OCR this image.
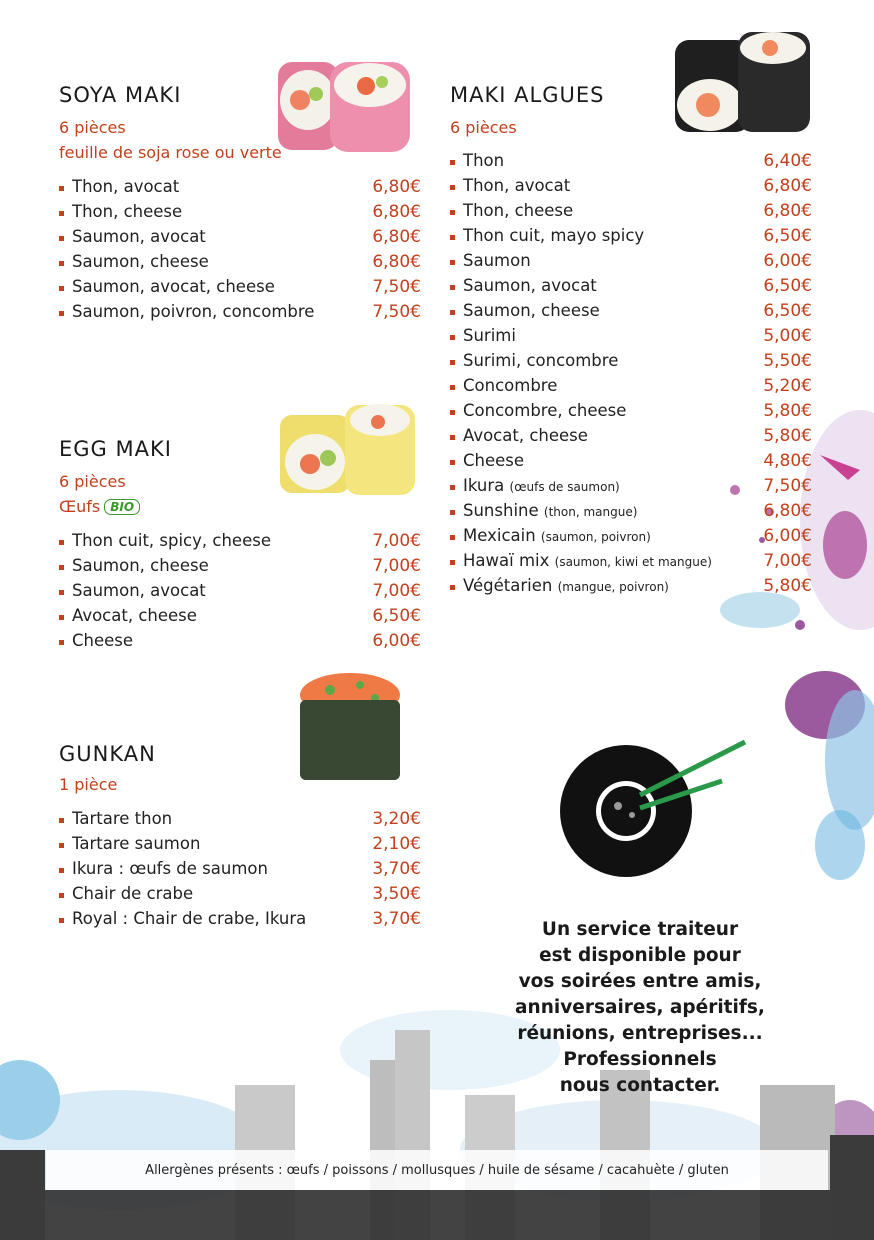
SOYA MAKI
6 pièces
feuille de soja rose ou verte
Thon, avocat	6,80€
Thon, cheese	6,80€
Saumon, avocat	6,80€
Saumon, cheese	6,80€
Saumon, avocat, cheese	7,50€
Saumon, poivron, concombre	7,50€
EGG MAKI
6 pièces
Œufs BIO
Thon cuit, spicy, cheese	7,00€
Saumon, cheese	7,00€
Saumon, avocat	7,00€
Avocat, cheese	6,50€
Cheese	6,00€
GUNKAN
1 pièce
Tartare thon	3,20€
Tartare saumon	2,10€
Ikura : œufs de saumon	3,70€
Chair de crabe	3,50€
Royal : Chair de crabe, Ikura	3,70€
MAKI ALGUES
6 pièces
Thon	6,40€
Thon, avocat	6,80€
Thon, cheese	6,80€
Thon cuit, mayo spicy	6,50€
Saumon	6,00€
Saumon, avocat	6,50€
Saumon, cheese	6,50€
Surimi	5,00€
Surimi, concombre	5,50€
Concombre	5,20€
Concombre, cheese	5,80€
Avocat, cheese	5,80€
Cheese	4,80€
Ikura (œufs de saumon)	7,50€
Sunshine (thon, mangue)	6,80€
Mexicain (saumon, poivron)	6,00€
Hawaï mix (saumon, kiwi et mangue)	7,00€
Végétarien (mangue, poivron)	5,80€
Un service traiteur
est disponible pour
vos soirées entre amis,
anniversaires, apéritifs,
réunions, entreprises...
Professionnels
nous contacter.
Allergènes présents : œufs / poissons / mollusques / huile de sésame / cacahuète / gluten
